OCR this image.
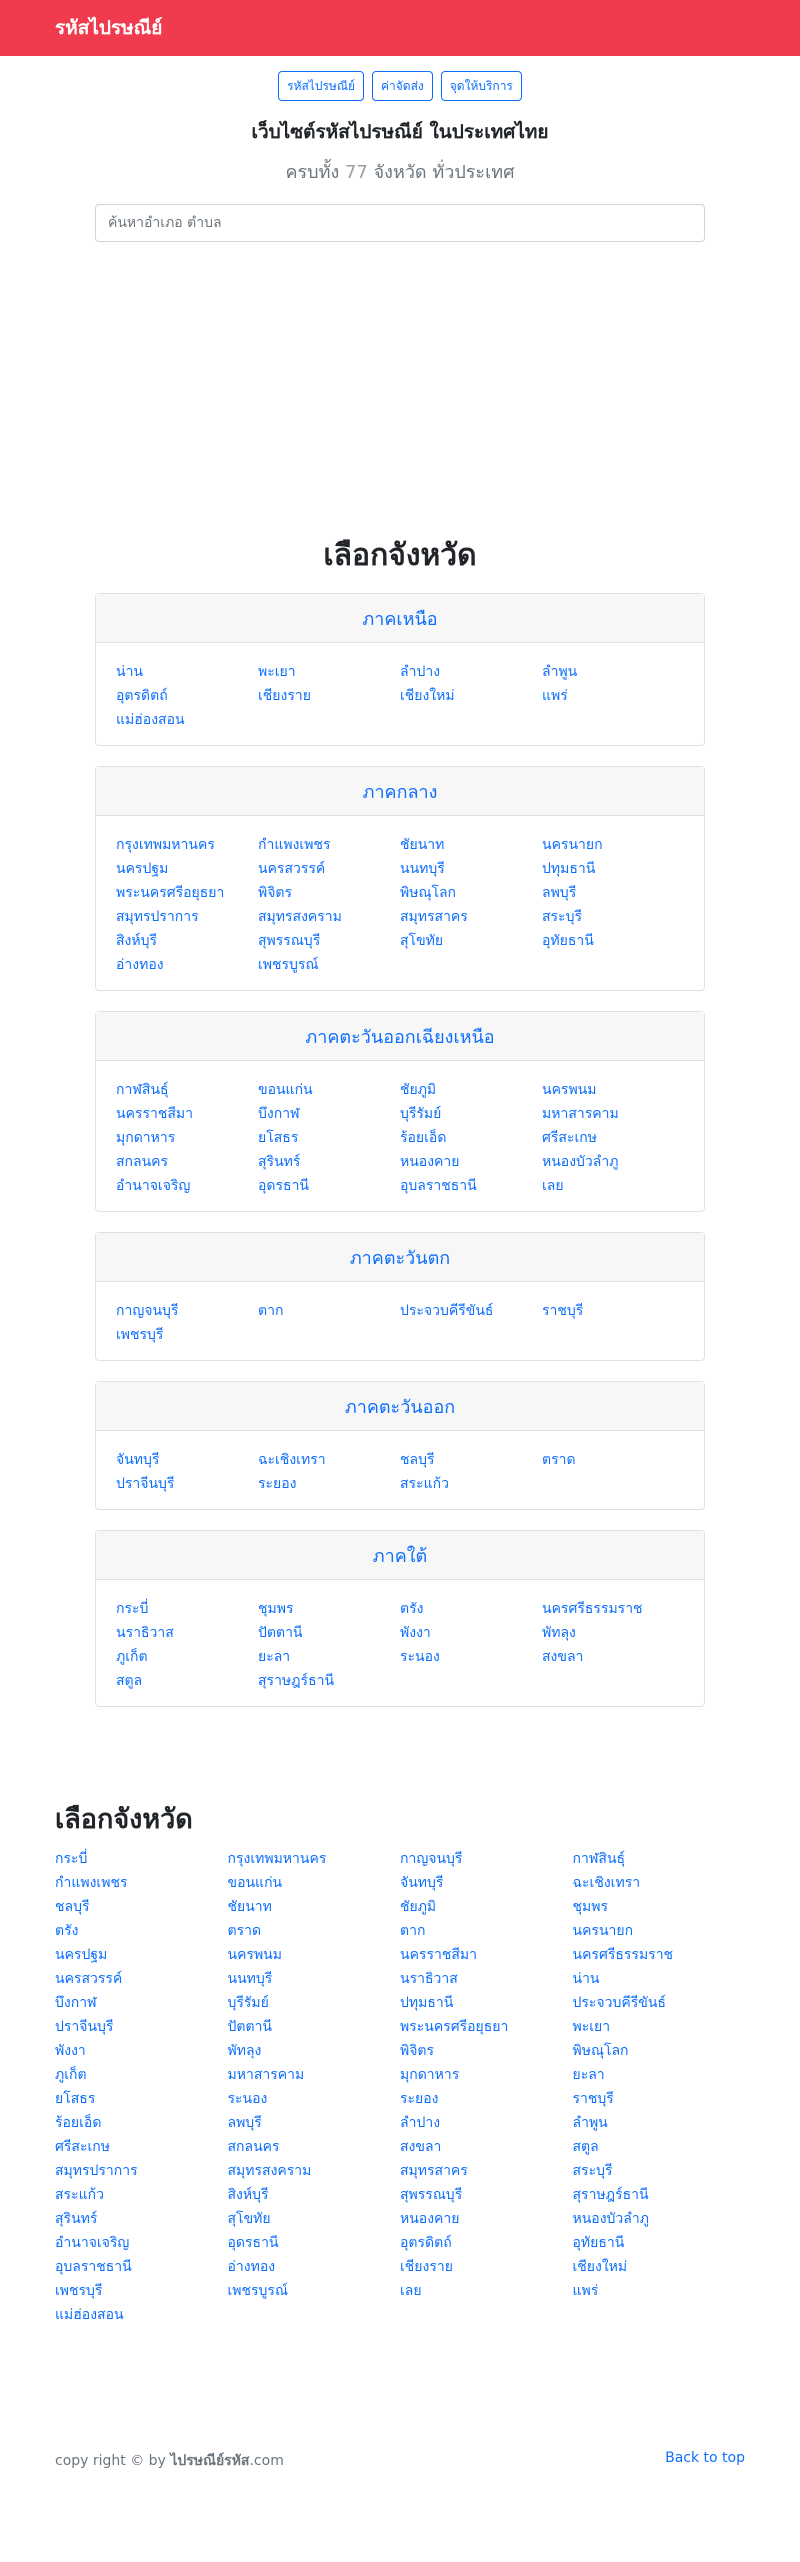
รหัสไปรษณีย์
รหัสไปรษณีย์	ค่าจัดส่ง	จุดให้บริการ
เว็บไซต์รหัสไปรษณีย์ ในประเทศไทย
ครบทั้ง 77 จังหวัด ทั่วประเทศ
ค้นหาอำเภอ ตำบล
เลือกจังหวัด
ภาคเหนือ
น่าน	พะเยา	ลำปาง	ลำพูน
อุตรดิตถ์	เชียงราย	เชียงใหม่	แพร่
แม่ฮ่องสอน
ภาคกลาง
กรุงเทพมหานคร	กำแพงเพชร	ชัยนาท	นครนายก
นครปฐม	นครสวรรค์	นนทบุรี	ปทุมธานี
พระนครศรีอยุธยา	พิจิตร	พิษณุโลก	ลพบุรี
สมุทรปราการ	สมุทรสงคราม	สมุทรสาคร	สระบุรี
สิงห์บุรี	สุพรรณบุรี	สุโขทัย	อุทัยธานี
อ่างทอง	เพชรบูรณ์
ภาคตะวันออกเฉียงเหนือ
กาฬสินธุ์	ขอนแก่น	ชัยภูมิ	นครพนม
นครราชสีมา	บึงกาฬ	บุรีรัมย์	มหาสารคาม
มุกดาหาร	ยโสธร	ร้อยเอ็ด	ศรีสะเกษ
สกลนคร	สุรินทร์	หนองคาย	หนองบัวลำภู
อำนาจเจริญ	อุดรธานี	อุบลราชธานี	เลย
ภาคตะวันตก
กาญจนบุรี	ตาก	ประจวบคีรีขันธ์	ราชบุรี
เพชรบุรี
ภาคตะวันออก
จันทบุรี	ฉะเชิงเทรา	ชลบุรี	ตราด
ปราจีนบุรี	ระยอง	สระแก้ว
ภาคใต้
กระบี่	ชุมพร	ตรัง	นครศรีธรรมราช
นราธิวาส	ปัตตานี	พังงา	พัทลุง
ภูเก็ต	ยะลา	ระนอง	สงขลา
สตูล	สุราษฎร์ธานี
เลือกจังหวัด
กระบี่	กรุงเทพมหานคร	กาญจนบุรี	กาฬสินธุ์
กำแพงเพชร	ขอนแก่น	จันทบุรี	ฉะเชิงเทรา
ชลบุรี	ชัยนาท	ชัยภูมิ	ชุมพร
ตรัง	ตราด	ตาก	นครนายก
นครปฐม	นครพนม	นครราชสีมา	นครศรีธรรมราช
นครสวรรค์	นนทบุรี	นราธิวาส	น่าน
บึงกาฬ	บุรีรัมย์	ปทุมธานี	ประจวบคีรีขันธ์
ปราจีนบุรี	ปัตตานี	พระนครศรีอยุธยา	พะเยา
พังงา	พัทลุง	พิจิตร	พิษณุโลก
ภูเก็ต	มหาสารคาม	มุกดาหาร	ยะลา
ยโสธร	ระนอง	ระยอง	ราชบุรี
ร้อยเอ็ด	ลพบุรี	ลำปาง	ลำพูน
ศรีสะเกษ	สกลนคร	สงขลา	สตูล
สมุทรปราการ	สมุทรสงคราม	สมุทรสาคร	สระบุรี
สระแก้ว	สิงห์บุรี	สุพรรณบุรี	สุราษฎร์ธานี
สุรินทร์	สุโขทัย	หนองคาย	หนองบัวลำภู
อำนาจเจริญ	อุดรธานี	อุตรดิตถ์	อุทัยธานี
อุบลราชธานี	อ่างทอง	เชียงราย	เชียงใหม่
เพชรบุรี	เพชรบูรณ์	เลย	แพร่
แม่ฮ่องสอน
copy right © by ไปรษณีย์รหัส.com	Back to top
